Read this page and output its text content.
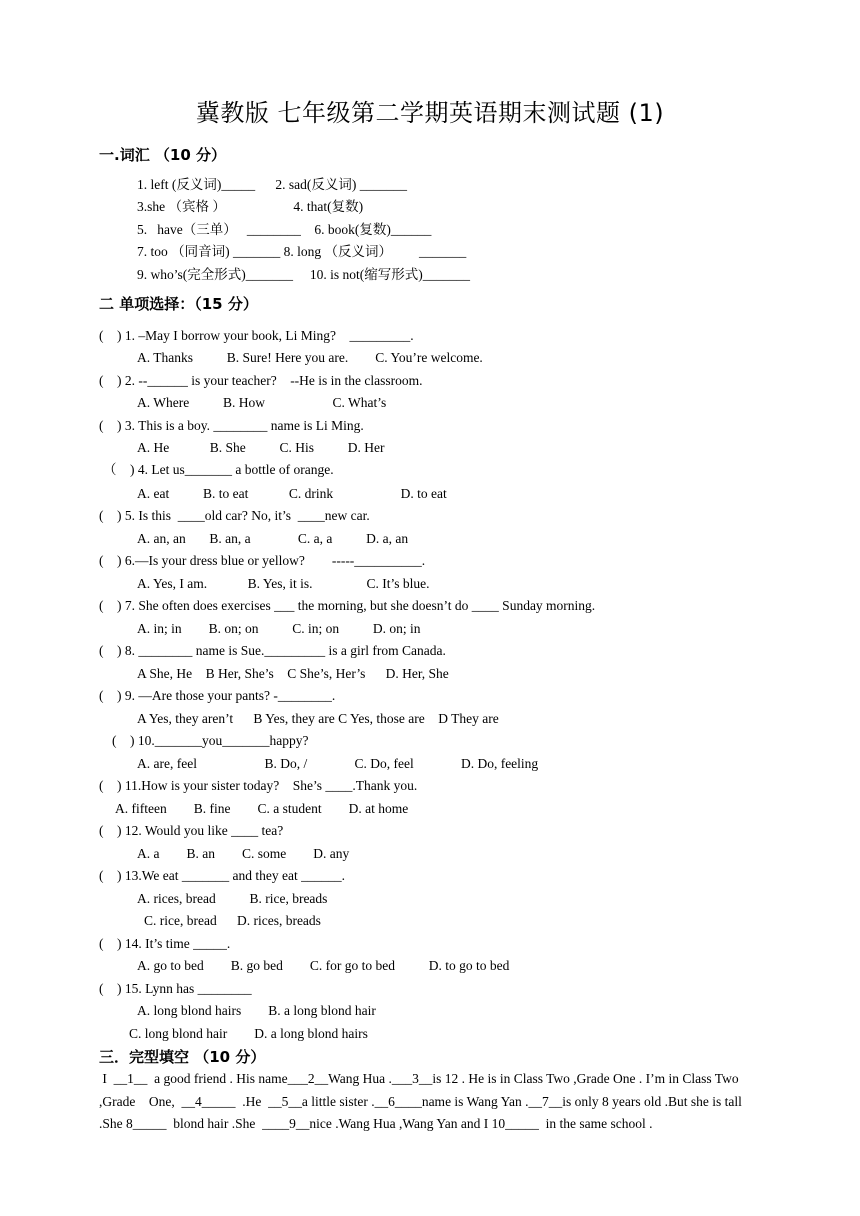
冀教版 七年级第二学期英语期末测试题 (1)
一.词汇 （10 分）
1. left (反义词)_____      2. sad(反义词) _______
3.she （宾格 ）                    4. that(复数)
5.   have（三单）   ________    6. book(复数)______
7. too （同音词) _______ 8. long （反义词）        _______
9. who’s(完全形式)_______     10. is not(缩写形式)_______
二 单项选择：（15 分）
(    ) 1. –May I borrow your book, Li Ming?    _________.
A. Thanks          B. Sure! Here you are.        C. You’re welcome.
(    ) 2. --______ is your teacher?    --He is in the classroom.
A. Where          B. How                    C. What’s
(    ) 3. This is a boy. ________ name is Li Ming.
A. He            B. She          C. His          D. Her
（    ) 4. Let us_______ a bottle of orange.
A. eat          B. to eat            C. drink                    D. to eat
(    ) 5. Is this  ____old car? No, it’s  ____new car.
A. an, an       B. an, a              C. a, a          D. a, an
(    ) 6.—Is your dress blue or yellow?        -----__________.
A. Yes, I am.            B. Yes, it is.                C. It’s blue.
(    ) 7. She often does exercises ___ the morning, but she doesn’t do ____ Sunday morning.
A. in; in        B. on; on          C. in; on          D. on; in
(    ) 8. ________ name is Sue._________ is a girl from Canada.
A She, He    B Her, She’s    C She’s, Her’s      D. Her, She
(    ) 9. —Are those your pants? -________.
A Yes, they aren’t      B Yes, they are C Yes, those are    D They are
(    ) 10._______you_______happy?
A. are, feel                    B. Do, /              C. Do, feel              D. Do, feeling
(    ) 11.How is your sister today?    She’s ____.Thank you.
A. fifteen        B. fine        C. a student        D. at home
(    ) 12. Would you like ____ tea?
A. a        B. an        C. some        D. any
(    ) 13.We eat _______ and they eat ______.
A. rices, bread          B. rice, breads
C. rice, bread      D. rices, breads
(    ) 14. It’s time _____.
A. go to bed        B. go bed        C. for go to bed          D. to go to bed
(    ) 15. Lynn has ________
A. long blond hairs        B. a long blond hair
C. long blond hair        D. a long blond hairs
三．完型填空 （10 分）
I  __1__  a good friend . His name___2__Wang Hua .___3__is 12 . He is in Class Two ,Grade One . I’m in Class Two ,Grade    One,  __4_____  .He  __5__a little sister .__6____name is Wang Yan .__7__is only 8 years old .But she is tall .She 8_____  blond hair .She  ____9__nice .Wang Hua ,Wang Yan and I 10_____  in the same school .
